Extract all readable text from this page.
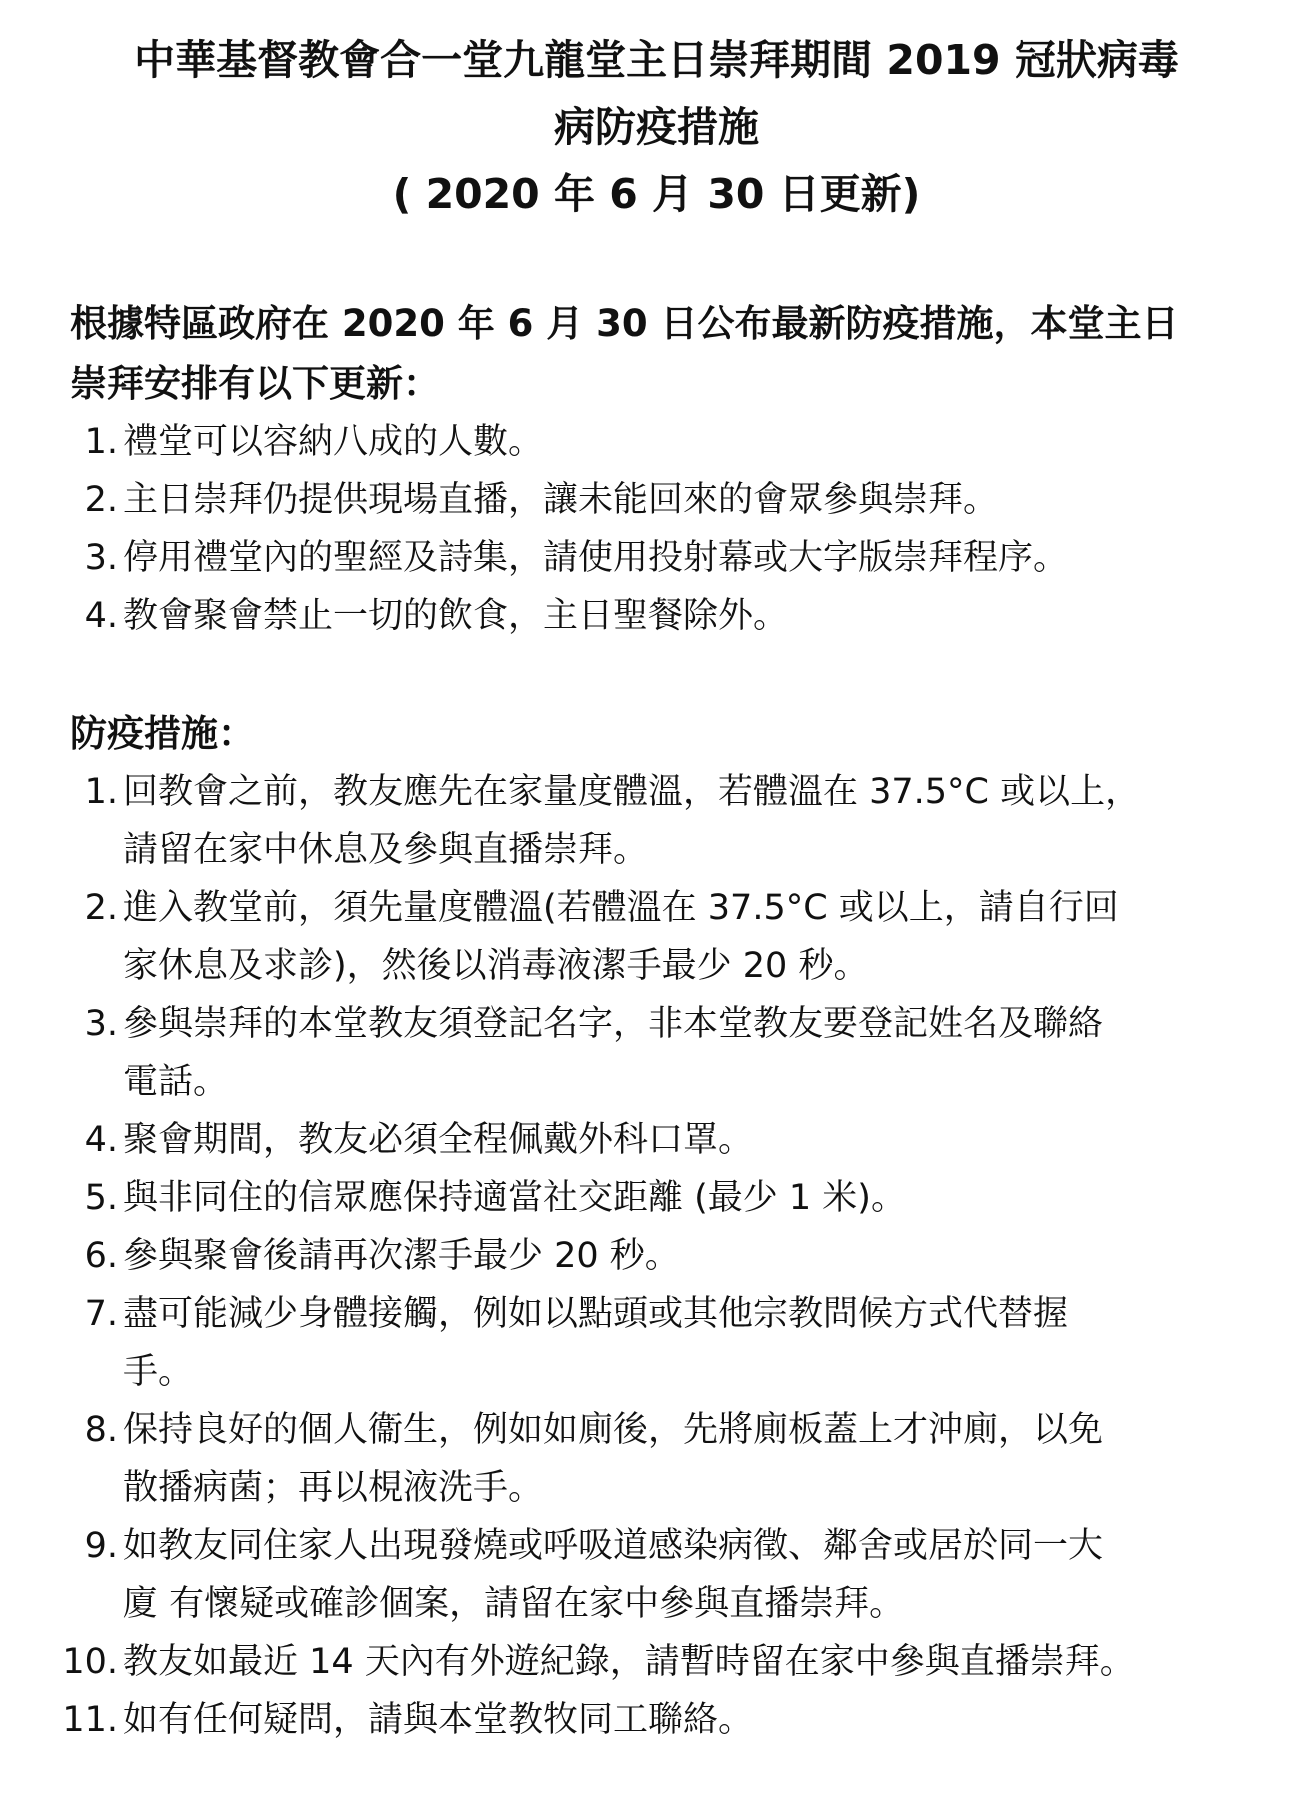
中華基督教會合一堂九龍堂主日崇拜期間 2019 冠狀病毒
病防疫措施
( 2020 年 6 月 30 日更新)
根據特區政府在 2020 年 6 月 30 日公布最新防疫措施，本堂主日
崇拜安排有以下更新：
1. 禮堂可以容納八成的人數。
2. 主日崇拜仍提供現場直播，讓未能回來的會眾參與崇拜。
3. 停用禮堂內的聖經及詩集，請使用投射幕或大字版崇拜程序。
4. 教會聚會禁止一切的飲食，主日聖餐除外。
防疫措施：
1. 回教會之前，教友應先在家量度體溫，若體溫在 37.5°C 或以上，
請留在家中休息及參與直播崇拜。
2. 進入教堂前，須先量度體溫(若體溫在 37.5°C 或以上，請自行回
家休息及求診)，然後以消毒液潔手最少 20 秒。
3. 參與崇拜的本堂教友須登記名字，非本堂教友要登記姓名及聯絡
電話。
4. 聚會期間，教友必須全程佩戴外科口罩。
5. 與非同住的信眾應保持適當社交距離 (最少 1 米)。
6. 參與聚會後請再次潔手最少 20 秒。
7. 盡可能減少身體接觸，例如以點頭或其他宗教問候方式代替握
手。
8. 保持良好的個人衞生，例如如廁後，先將廁板蓋上才沖廁，以免
散播病菌；再以梘液洗手。
9. 如教友同住家人出現發燒或呼吸道感染病徵、鄰舍或居於同一大
廈 有懷疑或確診個案，請留在家中參與直播崇拜。
10. 教友如最近 14 天內有外遊紀錄，請暫時留在家中參與直播崇拜。
11. 如有任何疑問，請與本堂教牧同工聯絡。
